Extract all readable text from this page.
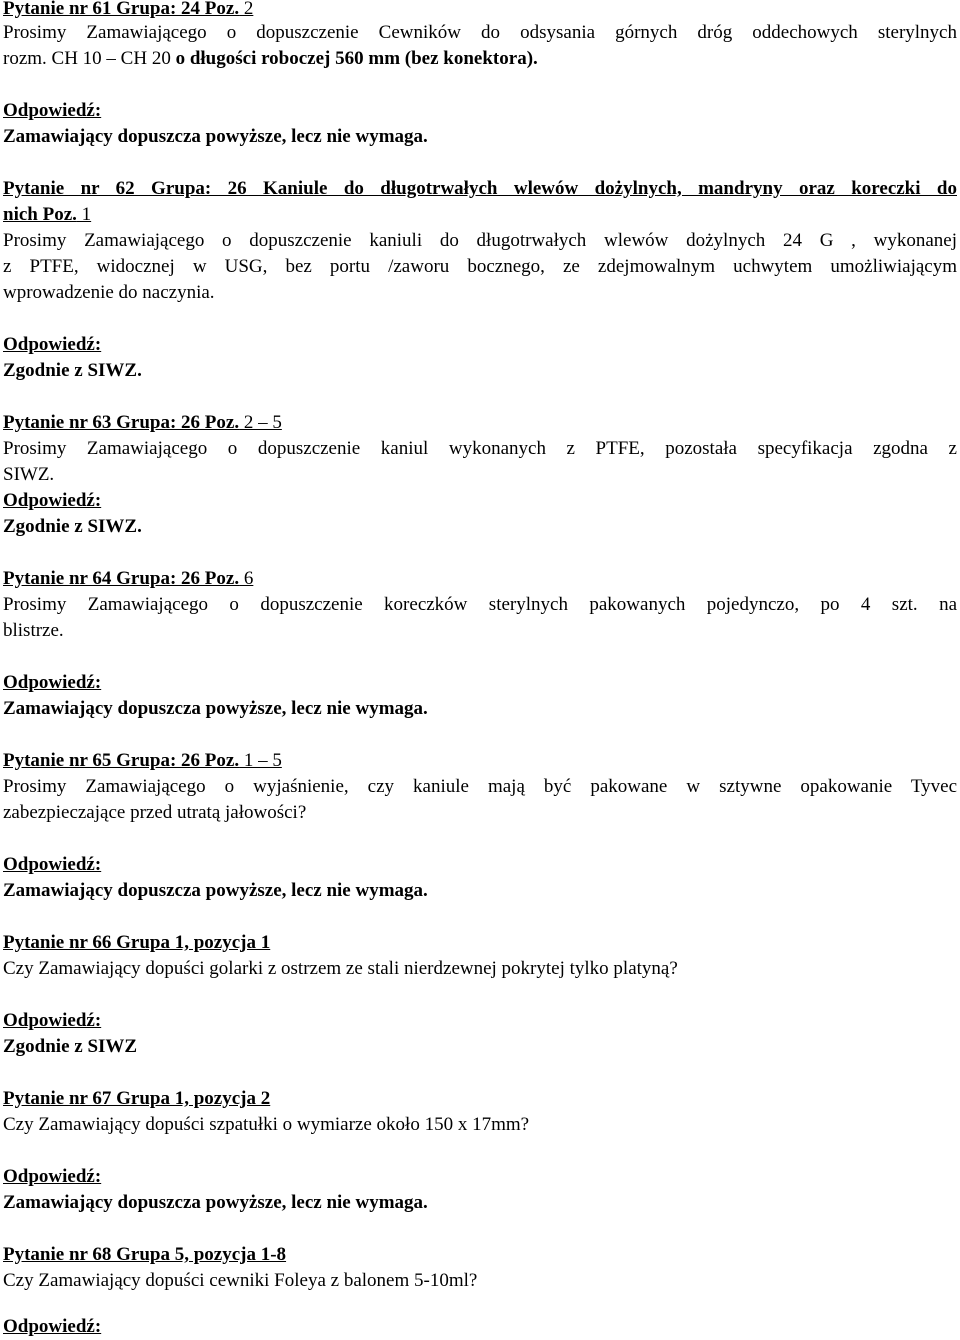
Pytanie nr 61 Grupa: 24 Poz. 2
Prosimy Zamawiającego o dopuszczenie Cewników do odsysania górnych dróg oddechowych sterylnych
rozm. CH 10 – CH 20 o długości roboczej 560 mm (bez konektora).
Odpowiedź:
Zamawiający dopuszcza powyższe, lecz nie wymaga.
Pytanie nr 62 Grupa: 26 Kaniule do długotrwałych wlewów dożylnych, mandryny oraz koreczki do
nich Poz. 1
Prosimy Zamawiającego o dopuszczenie kaniuli do długotrwałych wlewów dożylnych 24 G , wykonanej
z PTFE, widocznej w USG, bez portu /zaworu bocznego, ze zdejmowalnym uchwytem umożliwiającym
wprowadzenie do naczynia.
Odpowiedź:
Zgodnie z SIWZ.
Pytanie nr 63 Grupa: 26 Poz. 2 – 5
Prosimy Zamawiającego o dopuszczenie kaniul wykonanych z PTFE, pozostała specyfikacja zgodna z
SIWZ.
Odpowiedź:
Zgodnie z SIWZ.
Pytanie nr 64 Grupa: 26 Poz. 6
Prosimy Zamawiającego o dopuszczenie koreczków sterylnych pakowanych pojedynczo, po 4 szt. na
blistrze.
Odpowiedź:
Zamawiający dopuszcza powyższe, lecz nie wymaga.
Pytanie nr 65 Grupa: 26 Poz. 1 – 5
Prosimy Zamawiającego o wyjaśnienie, czy kaniule mają być pakowane w sztywne opakowanie Tyvec
zabezpieczające przed utratą jałowości?
Odpowiedź:
Zamawiający dopuszcza powyższe, lecz nie wymaga.
Pytanie nr 66 Grupa 1, pozycja 1
Czy Zamawiający dopuści golarki z ostrzem ze stali nierdzewnej pokrytej tylko platyną?
Odpowiedź:
Zgodnie z SIWZ
Pytanie nr 67 Grupa 1, pozycja 2
Czy Zamawiający dopuści szpatułki o wymiarze około 150 x 17mm?
Odpowiedź:
Zamawiający dopuszcza powyższe, lecz nie wymaga.
Pytanie nr 68 Grupa 5, pozycja 1-8
Czy Zamawiający dopuści cewniki Foleya z balonem 5-10ml?
Odpowiedź:
